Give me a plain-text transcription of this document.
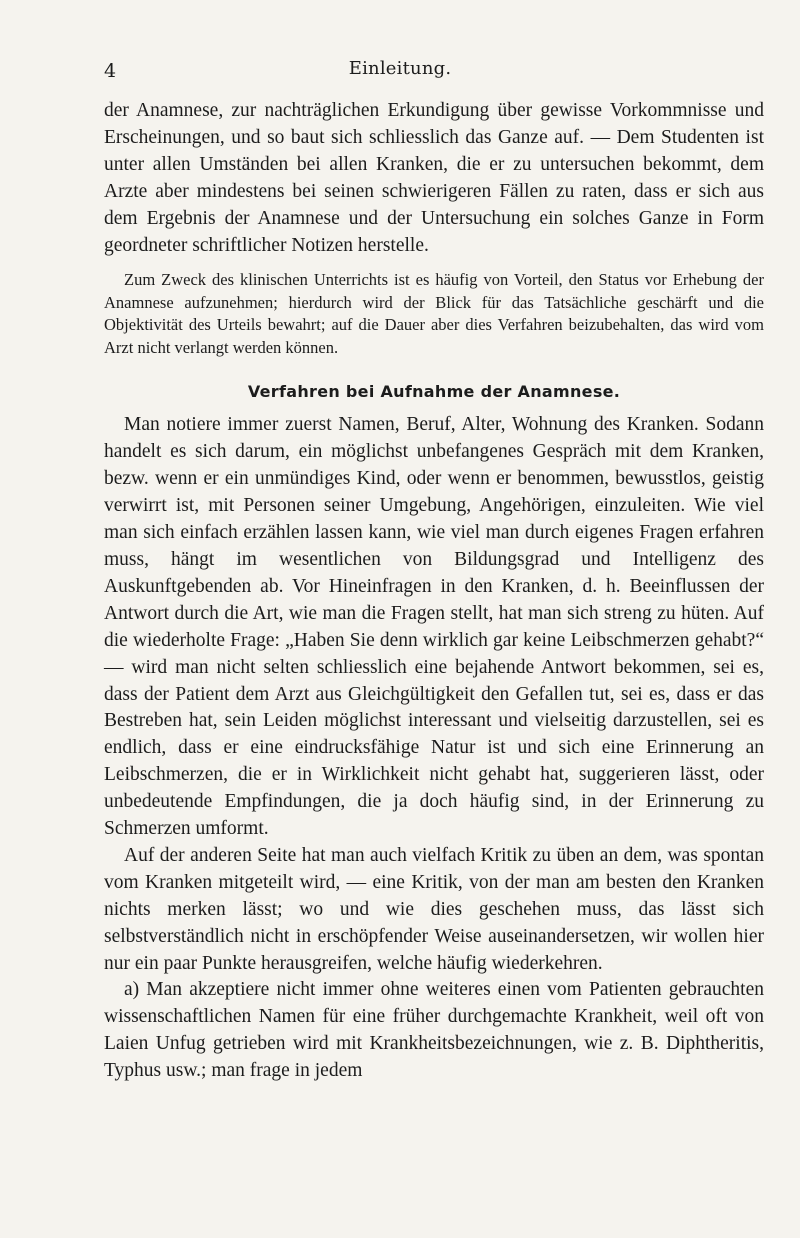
4	Einleitung.

der Anamnese, zur nachträglichen Erkundigung über gewisse Vorkommnisse und Erscheinungen, und so baut sich schliesslich das Ganze auf. — Dem Studenten ist unter allen Umständen bei allen Kranken, die er zu untersuchen bekommt, dem Arzte aber mindestens bei seinen schwierigeren Fällen zu raten, dass er sich aus dem Ergebnis der Anamnese und der Untersuchung ein solches Ganze in Form geordneter schriftlicher Notizen herstelle.

Zum Zweck des klinischen Unterrichts ist es häufig von Vorteil, den Status vor Erhebung der Anamnese aufzunehmen; hierdurch wird der Blick für das Tatsächliche geschärft und die Objektivität des Urteils bewahrt; auf die Dauer aber dies Verfahren beizubehalten, das wird vom Arzt nicht verlangt werden können.

Verfahren bei Aufnahme der Anamnese.

Man notiere immer zuerst Namen, Beruf, Alter, Wohnung des Kranken. Sodann handelt es sich darum, ein möglichst unbefangenes Gespräch mit dem Kranken, bezw. wenn er ein unmündiges Kind, oder wenn er benommen, bewusstlos, geistig verwirrt ist, mit Personen seiner Umgebung, Angehörigen, einzuleiten. Wie viel man sich einfach erzählen lassen kann, wie viel man durch eigenes Fragen erfahren muss, hängt im wesentlichen von Bildungsgrad und Intelligenz des Auskunftgebenden ab. Vor Hineinfragen in den Kranken, d. h. Beeinflussen der Antwort durch die Art, wie man die Fragen stellt, hat man sich streng zu hüten. Auf die wiederholte Frage: „Haben Sie denn wirklich gar keine Leibschmerzen gehabt?“ — wird man nicht selten schliesslich eine bejahende Antwort bekommen, sei es, dass der Patient dem Arzt aus Gleichgültigkeit den Gefallen tut, sei es, dass er das Bestreben hat, sein Leiden möglichst interessant und vielseitig darzustellen, sei es endlich, dass er eine eindrucksfähige Natur ist und sich eine Erinnerung an Leibschmerzen, die er in Wirklichkeit nicht gehabt hat, suggerieren lässt, oder unbedeutende Empfindungen, die ja doch häufig sind, in der Erinnerung zu Schmerzen umformt.

Auf der anderen Seite hat man auch vielfach Kritik zu üben an dem, was spontan vom Kranken mitgeteilt wird, — eine Kritik, von der man am besten den Kranken nichts merken lässt; wo und wie dies geschehen muss, das lässt sich selbstverständlich nicht in erschöpfender Weise auseinandersetzen, wir wollen hier nur ein paar Punkte herausgreifen, welche häufig wiederkehren.

a) Man akzeptiere nicht immer ohne weiteres einen vom Patienten gebrauchten wissenschaftlichen Namen für eine früher durchgemachte Krankheit, weil oft von Laien Unfug getrieben wird mit Krankheitsbezeichnungen, wie z. B. Diphtheritis, Typhus usw.; man frage in jedem
